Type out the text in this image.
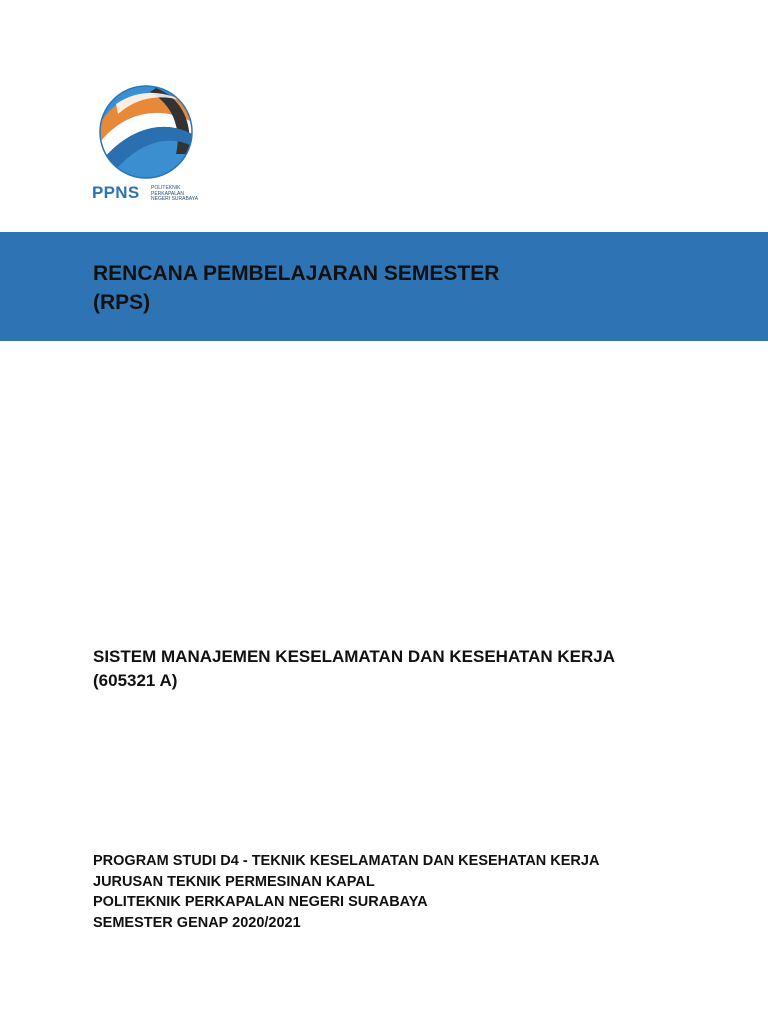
PPNS POLITEKNIK
PERKAPALAN
NEGERI SURABAYA
RENCANA PEMBELAJARAN SEMESTER
(RPS)
SISTEM MANAJEMEN KESELAMATAN DAN KESEHATAN KERJA
(605321 A)
PROGRAM STUDI D4 - TEKNIK KESELAMATAN DAN KESEHATAN KERJA
JURUSAN TEKNIK PERMESINAN KAPAL
POLITEKNIK PERKAPALAN NEGERI SURABAYA
SEMESTER GENAP 2020/2021
